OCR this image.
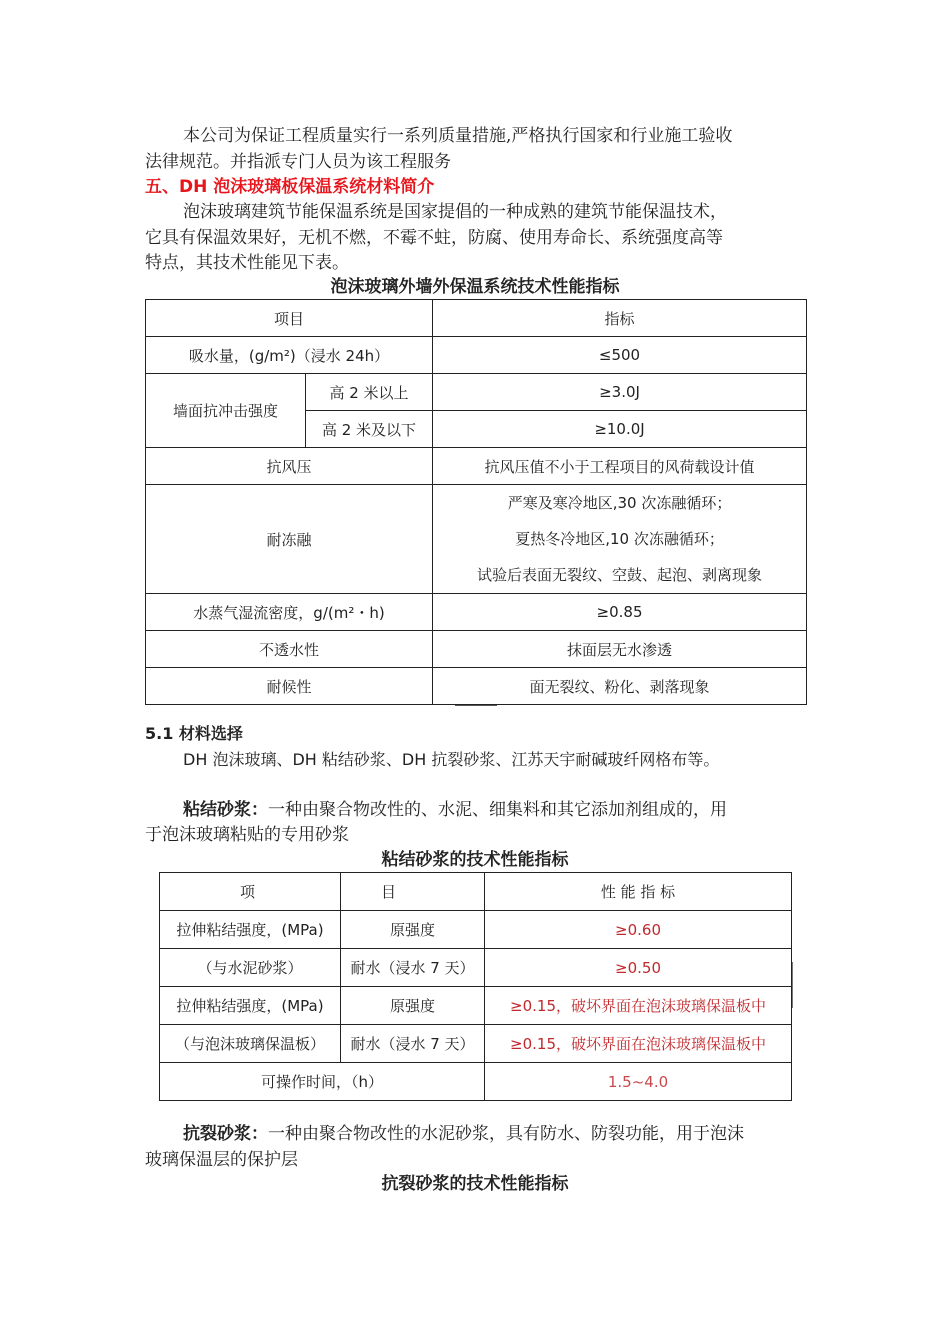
本公司为保证工程质量实行一系列质量措施,严格执行国家和行业施工验收
法律规范。并指派专门人员为该工程服务
五、DH 泡沫玻璃板保温系统材料简介
泡沫玻璃建筑节能保温系统是国家提倡的一种成熟的建筑节能保温技术，
它具有保温效果好，无机不燃，不霉不蛀，防腐、使用寿命长、系统强度高等
特点，其技术性能见下表。
泡沫玻璃外墙外保温系统技术性能指标
项目		指标
吸水量，(g/m²)（浸水 24h）		≤500
墙面抗冲击强度	高 2 米以上	≥3.0J
	高 2 米及以下	≥10.0J
抗风压		抗风压值不小于工程项目的风荷载设计值
耐冻融		严寒及寒冷地区,30 次冻融循环；
夏热冬冷地区,10 次冻融循环；
试验后表面无裂纹、空鼓、起泡、剥离现象

水蒸气湿流密度，g/(m²・h)		≥0.85
不透水性		抹面层无水渗透
耐候性		面无裂纹、粉化、剥落现象
5.1 材料选择
DH 泡沫玻璃、DH 粘结砂浆、DH 抗裂砂浆、江苏天宇耐碱玻纤网格布等。
粘结砂浆：一种由聚合物改性的、水泥、细集料和其它添加剂组成的，用
于泡沫玻璃粘贴的专用砂浆
粘结砂浆的技术性能指标
项	目	性 能 指 标
拉伸粘结强度，(MPa)	原强度	≥0.60
（与水泥砂浆）	耐水（浸水 7 天）	≥0.50
拉伸粘结强度，(MPa)	原强度	≥0.15，破坏界面在泡沫玻璃保温板中
（与泡沫玻璃保温板）	耐水（浸水 7 天）	≥0.15，破坏界面在泡沫玻璃保温板中
可操作时间，（h）		1.5~4.0
抗裂砂浆：一种由聚合物改性的水泥砂浆，具有防水、防裂功能，用于泡沫
玻璃保温层的保护层
抗裂砂浆的技术性能指标
